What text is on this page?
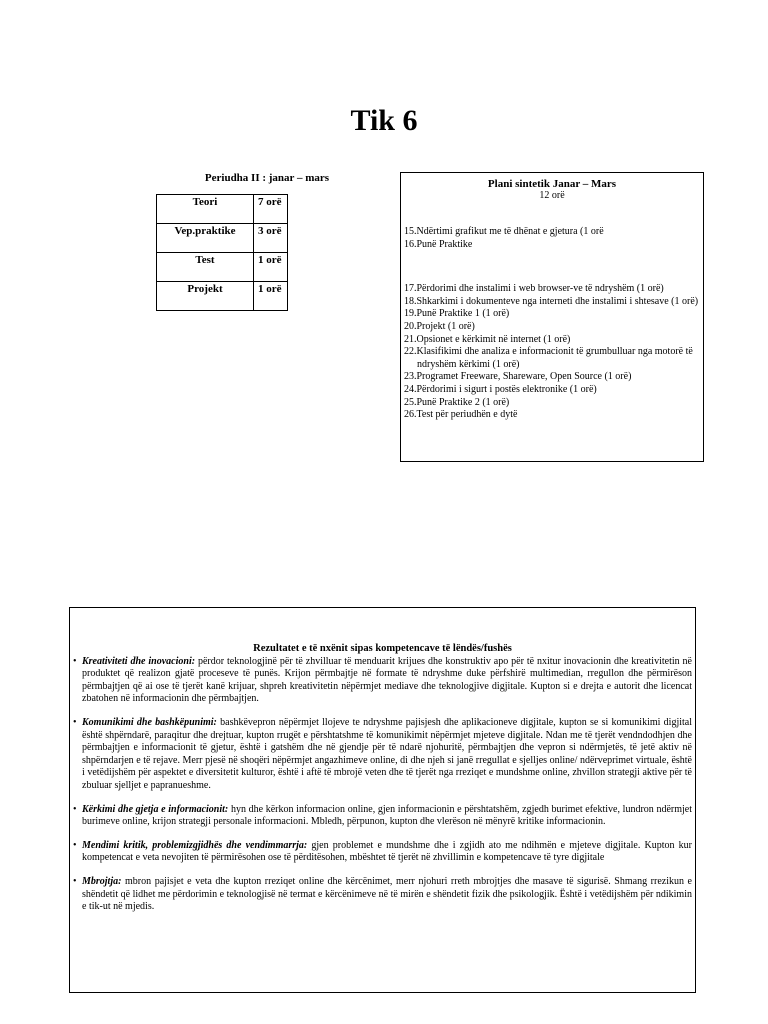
Tik 6
Periudha II : janar – mars
Teori	7 orë
Vep.praktike	3 orë
Test	1 orë
Projekt	1 orë
Plani sintetik Janar – Mars
12 orë
15.Ndërtimi grafikut me të dhënat e gjetura (1 orë
16.Punë Praktike
17.Përdorimi dhe instalimi i web browser-ve të ndryshëm (1 orë)
18.Shkarkimi i dokumenteve nga interneti dhe instalimi i shtesave (1 orë)
19.Punë Praktike 1 (1 orë)
20.Projekt (1 orë)
21.Opsionet e kërkimit në internet (1 orë)
22.Klasifikimi dhe analiza e informacionit të grumbulluar nga motorë të ndryshëm kërkimi (1 orë)
23.Programet Freeware, Shareware, Open Source (1 orë)
24.Përdorimi i sigurt i postës elektronike (1 orë)
25.Punë Praktike 2 (1 orë)
26.Test për periudhën e dytë
Rezultatet e të nxënit sipas kompetencave të lëndës/fushës
• Kreativiteti dhe inovacioni: përdor teknologjinë për të zhvilluar të menduarit krijues dhe konstruktiv apo për të nxitur inovacionin dhe kreativitetin në produktet që realizon gjatë proceseve të punës. Krijon përmbajtje në formate të ndryshme duke përfshirë multimedian, rregullon dhe përmirëson përmbajtjen që ai ose të tjerët kanë krijuar, shpreh kreativitetin nëpërmjet mediave dhe teknologjive digjitale. Kupton si e drejta e autorit dhe licencat zbatohen në informacionin dhe përmbajtjen.
• Komunikimi dhe bashkëpunimi: bashkëvepron nëpërmjet llojeve te ndryshme pajisjesh dhe aplikacioneve digjitale, kupton se si komunikimi digjital është shpërndarë, paraqitur dhe drejtuar, kupton rrugët e përshtatshme të komunikimit nëpërmjet mjeteve digjitale. Ndan me të tjerët vendndodhjen dhe përmbajtjen e informacionit të gjetur, është i gatshëm dhe në gjendje për të ndarë njohuritë, përmbajtjen dhe vepron si ndërmjetës, të jetë aktiv në shpërndarjen e të rejave. Merr pjesë në shoqëri nëpërmjet angazhimeve online, di dhe njeh si janë rregullat e sjelljes online/ ndërveprimet virtuale, është i vetëdijshëm për aspektet e diversitetit kulturor, është i aftë të mbrojë veten dhe të tjerët nga rreziqet e mundshme online, zhvillon strategji aktive për të zbuluar sjelljet e papranueshme.
• Kërkimi dhe gjetja e informacionit: hyn dhe kërkon informacion online, gjen informacionin e përshtatshëm, zgjedh burimet efektive, lundron ndërmjet burimeve online, krijon strategji personale informacioni. Mbledh, përpunon, kupton dhe vlerëson në mënyrë kritike informacionin.
• Mendimi kritik, problemizgjidhës dhe vendimmarrja: gjen problemet e mundshme dhe i zgjidh ato me ndihmën e mjeteve digjitale. Kupton kur kompetencat e veta nevojiten të përmirësohen ose të përditësohen, mbështet të tjerët në zhvillimin e kompetencave të tyre digjitale
• Mbrojtja: mbron pajisjet e veta dhe kupton rreziqet online dhe kërcënimet, merr njohuri rreth mbrojtjes dhe masave të sigurisë. Shmang rrezikun e shëndetit që lidhet me përdorimin e teknologjisë në termat e kërcënimeve në të mirën e shëndetit fizik dhe psikologjik. Është i vetëdijshëm për ndikimin e tik-ut në mjedis.
